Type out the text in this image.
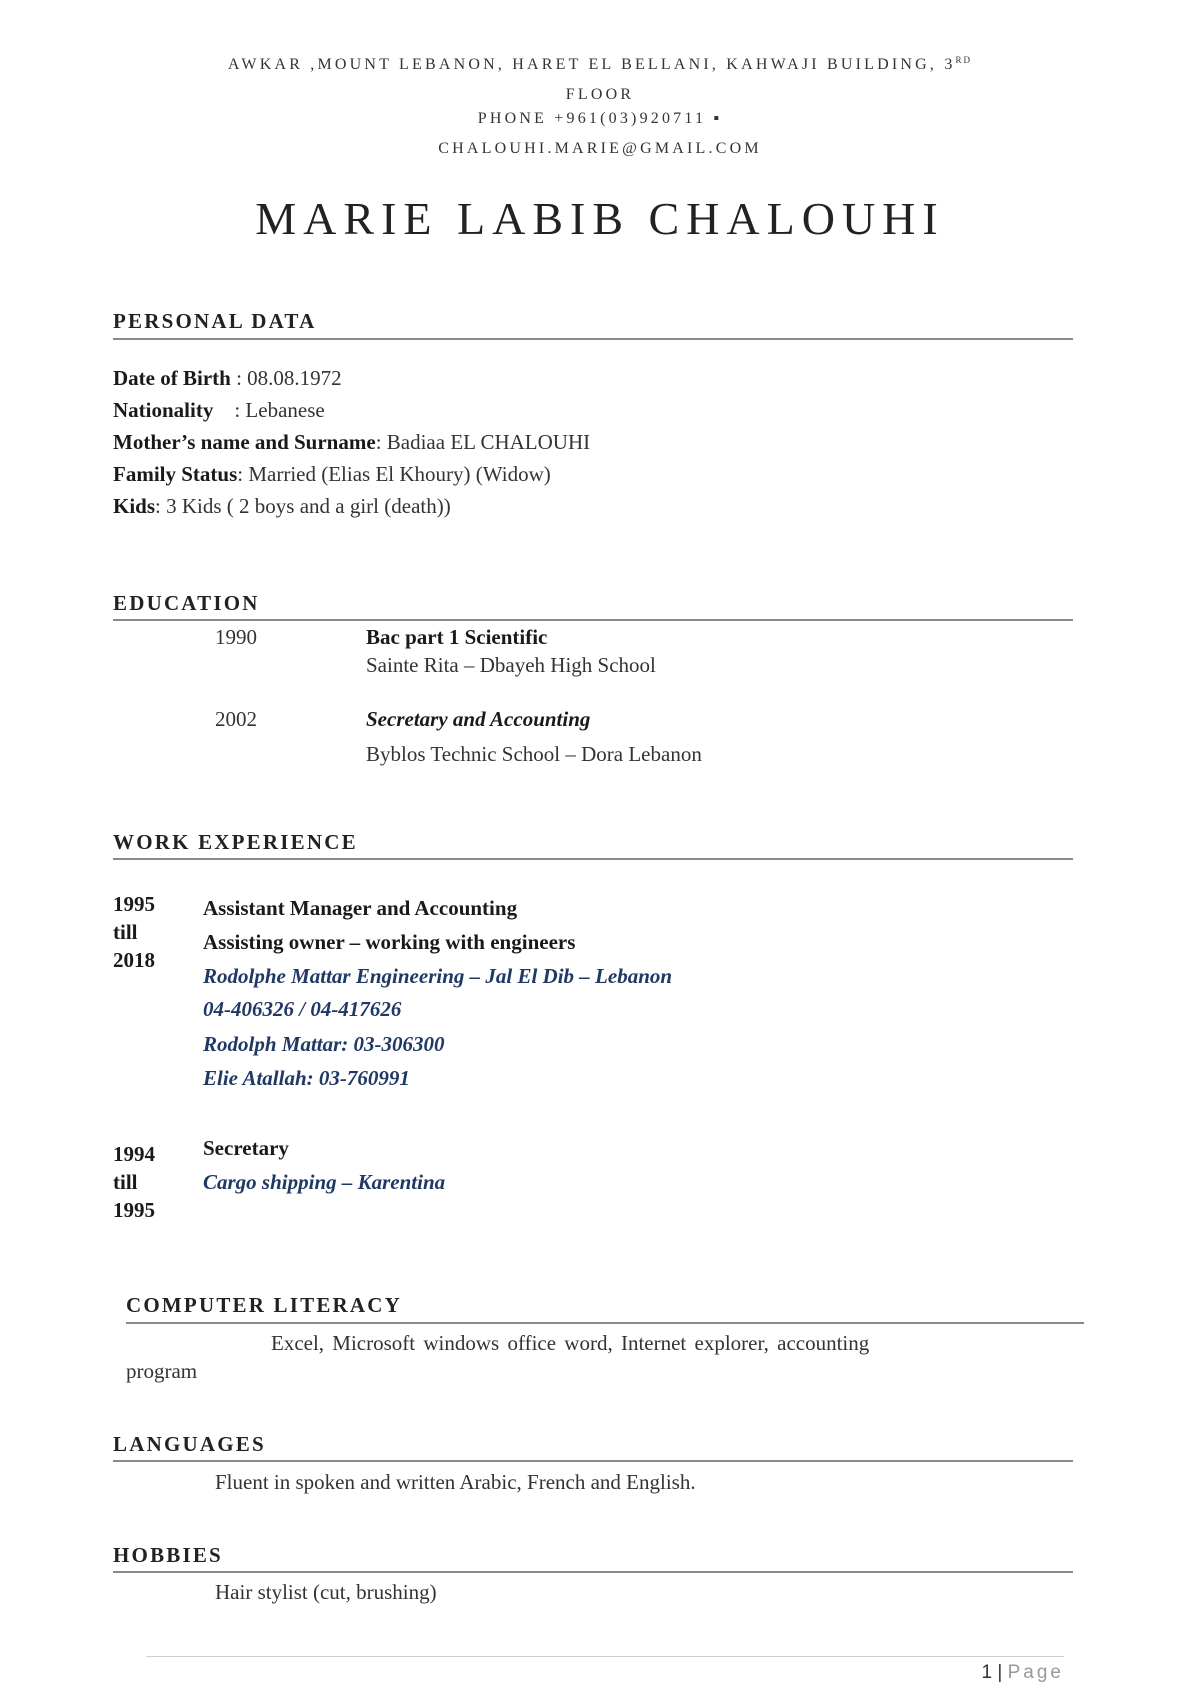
AWKAR ,MOUNT LEBANON, HARET EL BELLANI, KAHWAJI BUILDING, 3RD
FLOOR
PHONE +961(03)920711 ▪
CHALOUHI.MARIE@GMAIL.COM
MARIE LABIB CHALOUHI
PERSONAL DATA
Date of Birth : 08.08.1972
Nationality    : Lebanese
Mother’s name and Surname: Badiaa EL CHALOUHI
Family Status: Married (Elias El Khoury) (Widow)
Kids: 3 Kids ( 2 boys and a girl (death))
EDUCATION
1990	Bac part 1 Scientific
Sainte Rita – Dbayeh High School
2002	Secretary and Accounting
Byblos Technic School – Dora Lebanon
WORK EXPERIENCE
1995
till
2018
Assistant Manager and Accounting
Assisting owner – working with engineers
Rodolphe Mattar Engineering – Jal El Dib – Lebanon
04-406326 / 04-417626
Rodolph Mattar: 03-306300
Elie Atallah: 03-760991
1994
till
1995
Secretary
Cargo shipping – Karentina
COMPUTER LITERACY
Excel, Microsoft windows office word, Internet explorer, accounting
program
LANGUAGES
Fluent in spoken and written Arabic, French and English.
HOBBIES
Hair stylist (cut, brushing)
1 | Page
